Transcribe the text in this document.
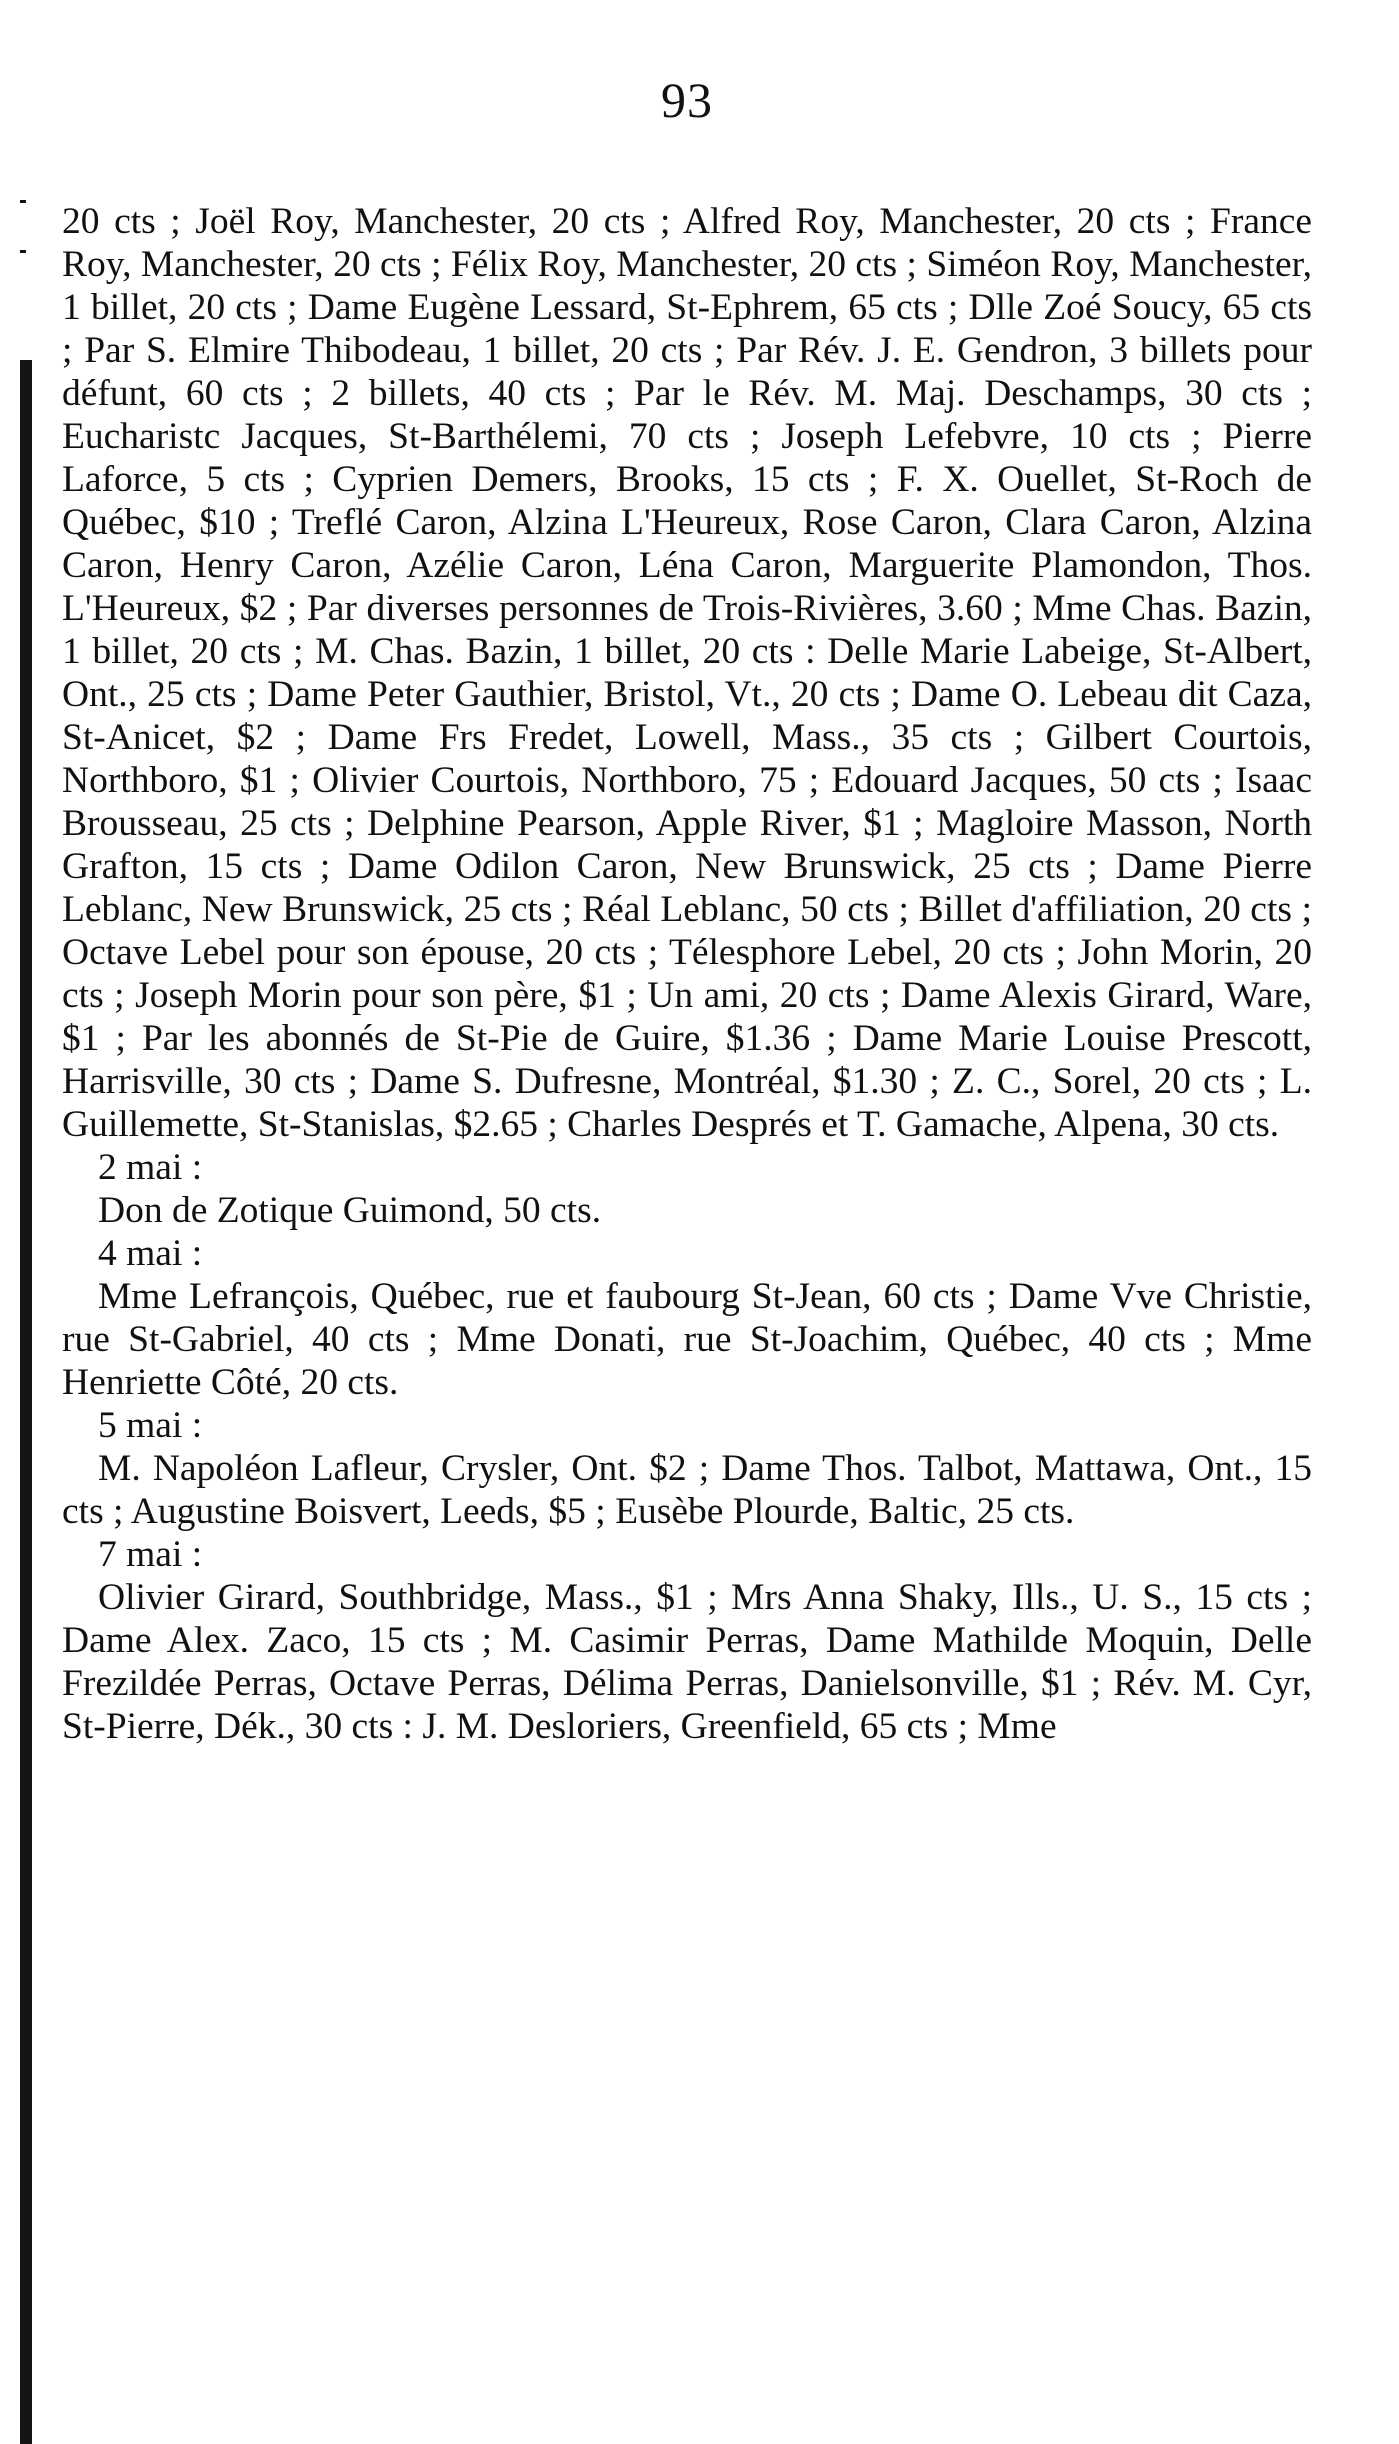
93

20 cts ; Joël Roy, Manchester, 20 cts ; Alfred Roy, Manchester, 20 cts ; France Roy, Manchester, 20 cts ; Félix Roy, Manchester, 20 cts ; Siméon Roy, Manchester, 1 billet, 20 cts ; Dame Eugène Lessard, St-Ephrem, 65 cts ; Dlle Zoé Soucy, 65 cts ; Par S. Elmire Thibodeau, 1 billet, 20 cts ; Par Rév. J. E. Gendron, 3 billets pour défunt, 60 cts ; 2 billets, 40 cts ; Par le Rév. M. Maj. Deschamps, 30 cts ; Eucharistc Jacques, St-Barthélemi, 70 cts ; Joseph Lefebvre, 10 cts ; Pierre Laforce, 5 cts ; Cyprien Demers, Brooks, 15 cts ; F. X. Ouellet, St-Roch de Québec, $10 ; Treflé Caron, Alzina L'Heureux, Rose Caron, Clara Caron, Alzina Caron, Henry Caron, Azélie Caron, Léna Caron, Marguerite Plamondon, Thos. L'Heureux, $2 ; Par diverses personnes de Trois-Rivières, 3.60 ; Mme Chas. Bazin, 1 billet, 20 cts ; M. Chas. Bazin, 1 billet, 20 cts : Delle Marie Labeige, St-Albert, Ont., 25 cts ; Dame Peter Gauthier, Bristol, Vt., 20 cts ; Dame O. Lebeau dit Caza, St-Anicet, $2 ; Dame Frs Fredet, Lowell, Mass., 35 cts ; Gilbert Courtois, Northboro, $1 ; Olivier Courtois, Northboro, 75 ; Edouard Jacques, 50 cts ; Isaac Brousseau, 25 cts ; Delphine Pearson, Apple River, $1 ; Magloire Masson, North Grafton, 15 cts ; Dame Odilon Caron, New Brunswick, 25 cts ; Dame Pierre Leblanc, New Brunswick, 25 cts ; Réal Leblanc, 50 cts ; Billet d'affiliation, 20 cts ; Octave Lebel pour son épouse, 20 cts ; Télesphore Lebel, 20 cts ; John Morin, 20 cts ; Joseph Morin pour son père, $1 ; Un ami, 20 cts ; Dame Alexis Girard, Ware, $1 ; Par les abonnés de St-Pie de Guire, $1.36 ; Dame Marie Louise Prescott, Harrisville, 30 cts ; Dame S. Dufresne, Montréal, $1.30 ; Z. C., Sorel, 20 cts ; L. Guillemette, St-Stanislas, $2.65 ; Charles Després et T. Gamache, Alpena, 30 cts.

2 mai :

Don de Zotique Guimond, 50 cts.

4 mai :

Mme Lefrançois, Québec, rue et faubourg St-Jean, 60 cts ; Dame Vve Christie, rue St-Gabriel, 40 cts ; Mme Donati, rue St-Joachim, Québec, 40 cts ; Mme Henriette Côté, 20 cts.

5 mai :

M. Napoléon Lafleur, Crysler, Ont. $2 ; Dame Thos. Talbot, Mattawa, Ont., 15 cts ; Augustine Boisvert, Leeds, $5 ; Eusèbe Plourde, Baltic, 25 cts.

7 mai :

Olivier Girard, Southbridge, Mass., $1 ; Mrs Anna Shaky, Ills., U. S., 15 cts ; Dame Alex. Zaco, 15 cts ; M. Casimir Perras, Dame Mathilde Moquin, Delle Frezildée Perras, Octave Perras, Délima Perras, Danielsonville, $1 ; Rév. M. Cyr, St-Pierre, Dék., 30 cts : J. M. Desloriers, Greenfield, 65 cts ; Mme
